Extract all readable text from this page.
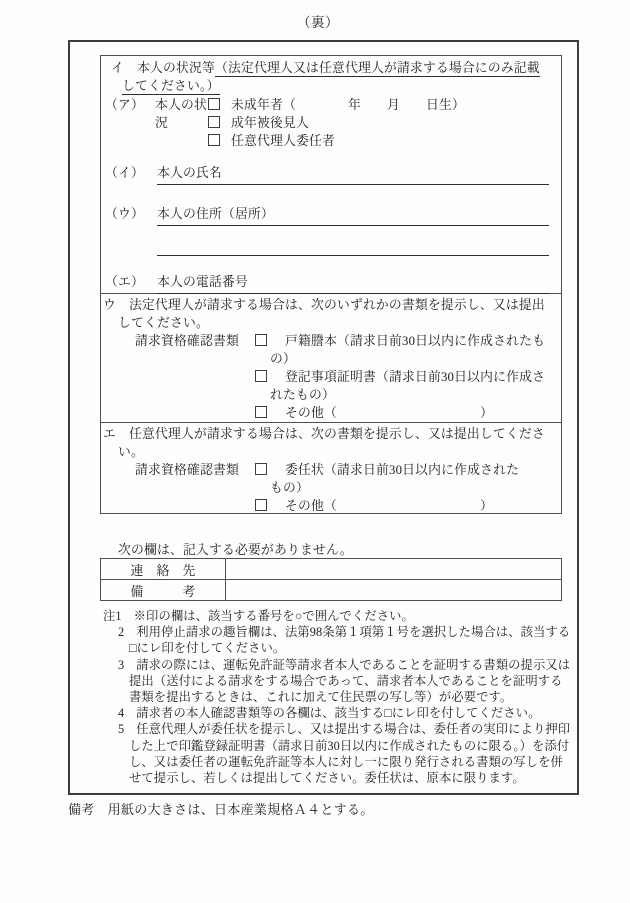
（裏）
イ　本人の状況等（法定代理人又は任意代理人が請求する場合にのみ記載してください。）
（ア） 本人の状況
未成年者（　　　　年　　月　　日生）
成年被後見人
任意代理人委任者
（イ）	本人の氏名
（ウ）	本人の住所（居所）
（エ）	本人の電話番号
ウ　法定代理人が請求する場合は、次のいずれかの書類を提示し、又は提出してください。
請求資格確認書類	戸籍謄本（請求日前30日以内に作成されたもの）
登記事項証明書（請求日前30日以内に作成されたもの）
その他（　　　　　　　　　　　）
エ　任意代理人が請求する場合は、次の書類を提示し、又は提出してください。
請求資格確認書類	委任状（請求日前30日以内に作成されたもの）
その他（　　　　　　　　　　　）
次の欄は、記入する必要がありません。
連　絡　先	
備　　　考	
注1 ※印の欄は、該当する番号を○で囲んでください。
2 利用停止請求の趣旨欄は、法第98条第１項第１号を選択した場合は、該当する□にレ印を付してください。
3 請求の際には、運転免許証等請求者本人であることを証明する書類の提示又は提出（送付による請求をする場合であって、請求者本人であることを証明する書類を提出するときは、これに加えて住民票の写し等）が必要です。
4 請求者の本人確認書類等の各欄は、該当する□にレ印を付してください。
5 任意代理人が委任状を提示し、又は提出する場合は、委任者の実印により押印した上で印鑑登録証明書（請求日前30日以内に作成されたものに限る。）を添付し、又は委任者の運転免許証等本人に対し一に限り発行される書類の写しを併せて提示し、若しくは提出してください。委任状は、原本に限ります。
備考 用紙の大きさは、日本産業規格Ａ４とする。
